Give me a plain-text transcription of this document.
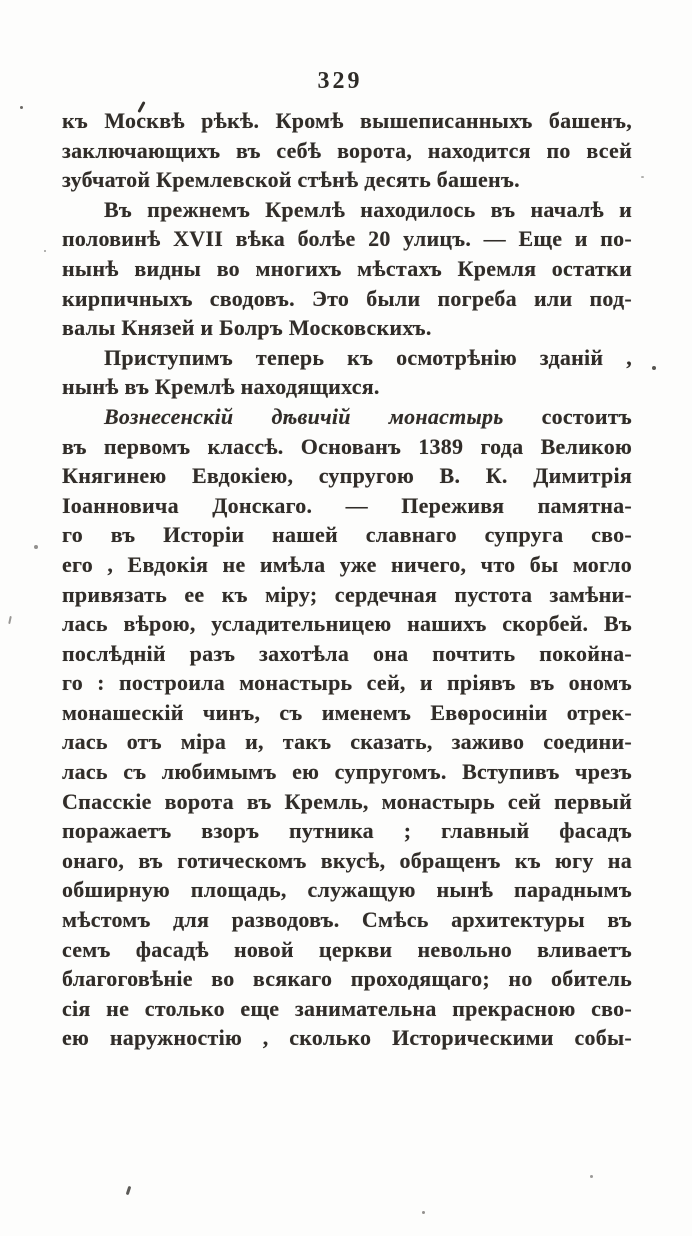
329
къ Москвѣ рѣкѣ. Кромѣ вышеписанныхъ башенъ,
заключающихъ въ себѣ ворота, находится по всей
зубчатой Кремлевской стѣнѣ десять башенъ.
Въ прежнемъ Кремлѣ находилось въ началѣ и
половинѣ XVII вѣка болѣе 20 улицъ. — Еще и по-
нынѣ видны во многихъ мѣстахъ Кремля остатки
кирпичныхъ сводовъ. Это были погреба или под-
валы Князей и Болръ Московскихъ.
Приступимъ теперь къ осмотрѣнію зданій ,
нынѣ въ Кремлѣ находящихся.
Вознесенскій дѣвичій монастырь состоитъ
въ первомъ классѣ. Основанъ 1389 года Великою
Княгинею Евдокіею, супругою В. К. Димитрія
Іоанновича Донскаго. — Переживя памятна-
го въ Исторіи нашей славнаго супруга сво-
его , Евдокія не имѣла уже ничего, что бы могло
привязать ее къ міру; сердечная пустота замѣни-
лась вѣрою, усладительницею нашихъ скорбей. Въ
послѣдній разъ захотѣла она почтить покойна-
го : построила монастырь сей, и пріявъ въ ономъ
монашескій чинъ, съ именемъ Евѳросиніи отрек-
лась отъ міра и, такъ сказать, заживо соедини-
лась съ любимымъ ею супругомъ. Вступивъ чрезъ
Спасскіе ворота въ Кремль, монастырь сей первый
поражаетъ взоръ путника ; главный фасадъ
онаго, въ готическомъ вкусѣ, обращенъ къ югу на
обширную площадь, служащую нынѣ параднымъ
мѣстомъ для разводовъ. Смѣсь архитектуры въ
семъ фасадѣ новой церкви невольно вливаетъ
благоговѣніе во всякаго проходящаго; но обитель
сія не столько еще занимательна прекрасною сво-
ею наружностію , сколько Историческими собы-
